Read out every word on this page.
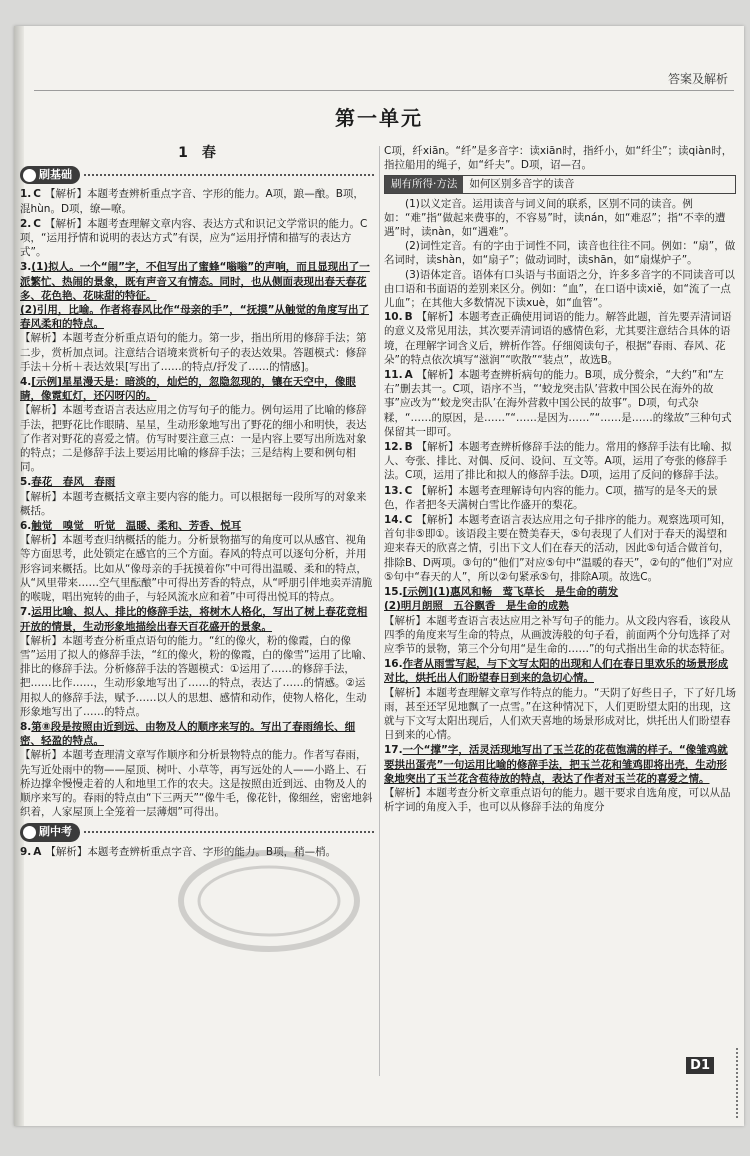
答案及解析
第一单元
1　春
刷基础
1. C 【解析】本题考查辨析重点字音、字形的能力。A项，踉—酿。B项，混hùn。D项，缭—嘹。
2. C 【解析】本题考查理解文章内容、表达方式和识记文学常识的能力。C项，“运用抒情和说明的表达方式”有误，应为“运用抒情和描写的表达方式”。
3.(1)拟人。一个“闹”字，不但写出了蜜蜂“嗡嗡”的声响，而且显现出了一派繁忙、热闹的景象，既有声音又有情态。同时，也从侧面表现出春天春花多、花色艳、花味甜的特征。
(2)引用，比喻。作者将春风比作“母亲的手”，“抚摸”从触觉的角度写出了春风柔和的特点。
【解析】本题考查分析重点语句的能力。第一步，指出所用的修辞手法；第二步，赏析加点词。注意结合语境来赏析句子的表达效果。答题模式：修辞手法＋分析＋表达效果[写出了……的特点/抒发了……的情感]。
4.[示例]星星漫天是：暗淡的，灿烂的，忽隐忽现的，镶在天空中，像眼睛，像霓虹灯，还闪呀闪的。
【解析】本题考查语言表达应用之仿写句子的能力。例句运用了比喻的修辞手法，把野花比作眼睛、星星，生动形象地写出了野花的细小和明快，表达了作者对野花的喜爱之情。仿写时要注意三点：一是内容上要写出所选对象的特点；二是修辞手法上要运用比喻的修辞手法；三是结构上要和例句相同。
5.春花　春风　春雨
【解析】本题考查概括文章主要内容的能力。可以根据每一段所写的对象来概括。
6.触觉　嗅觉　听觉　温暖、柔和、芳香、悦耳
【解析】本题考查归纳概括的能力。分析景物描写的角度可以从感官、视角等方面思考，此处锁定在感官的三个方面。春风的特点可以逐句分析，并用形容词来概括。比如从“像母亲的手抚摸着你”中可得出温暖、柔和的特点，从“风里带来……空气里酝酿”中可得出芳香的特点，从“呼朋引伴地卖弄清脆的喉咙，唱出宛转的曲子，与轻风流水应和着”中可得出悦耳的特点。
7.运用比喻、拟人、排比的修辞手法，将树木人格化，写出了树上春花竞相开放的情景，生动形象地描绘出春天百花盛开的景象。
【解析】本题考查分析重点语句的能力。“红的像火，粉的像霞，白的像雪”运用了拟人的修辞手法，“红的像火，粉的像霞，白的像雪”运用了比喻、排比的修辞手法。分析修辞手法的答题模式：①运用了……的修辞手法，把……比作……，生动形象地写出了……的特点，表达了……的情感。②运用拟人的修辞手法，赋予……以人的思想、感情和动作，使物人格化，生动形象地写出了……的特点。
8.第⑧段是按照由近到远、由物及人的顺序来写的。写出了春雨绵长、细密、轻盈的特点。
【解析】本题考查理清文章写作顺序和分析景物特点的能力。作者写春雨，先写近处雨中的物——屋顶、树叶、小草等，再写远处的人——小路上、石桥边撑伞慢慢走着的人和地里工作的农夫。这是按照由近到远、由物及人的顺序来写的。春雨的特点由“下三两天”“像牛毛，像花针，像细丝，密密地斜织着，人家屋顶上全笼着一层薄烟”可得出。
刷中考
9. A 【解析】本题考查辨析重点字音、字形的能力。B项，稍—梢。
C项，纤xiān。“纤”是多音字：读xiān时，指纤小，如“纤尘”；读qiàn时，指拉船用的绳子，如“纤夫”。D项，诏—召。
刷有所得·方法	如何区别多音字的读音
(1)以义定音。运用读音与词义间的联系，区别不同的读音。例如：“难”指“做起来费事的，不容易”时，读nán，如“难忍”；指“不幸的遭遇”时，读nàn，如“遇难”。
(2)词性定音。有的字由于词性不同，读音也往往不同。例如：“扇”，做名词时，读shàn，如“扇子”；做动词时，读shān，如“扇煤炉子”。
(3)语体定音。语体有口头语与书面语之分，许多多音字的不同读音可以由口语和书面语的差别来区分。例如：“血”，在口语中读xiě，如“流了一点儿血”；在其他大多数情况下读xuè，如“血管”。
10. B 【解析】本题考查正确使用词语的能力。解答此题，首先要弄清词语的意义及常见用法，其次要弄清词语的感情色彩，尤其要注意结合具体的语境，在理解字词含义后，辨析作答。仔细阅读句子，根据“春雨、春风、花朵”的特点依次填写“滋润”“吹散”“装点”，故选B。
11. A 【解析】本题考查辨析病句的能力。B项，成分赘余，“大约”和“左右”删去其一。C项，语序不当，“‘蛟龙突击队’营救中国公民在海外的故事”应改为“‘蛟龙突击队’在海外营救中国公民的故事”。D项，句式杂糅，“……的原因，是……”“……是因为……”“……是……的缘故”三种句式保留其一即可。
12. B 【解析】本题考查辨析修辞手法的能力。常用的修辞手法有比喻、拟人、夸张、排比、对偶、反问、设问、互文等。A项，运用了夸张的修辞手法。C项，运用了排比和拟人的修辞手法。D项，运用了反问的修辞手法。
13. C 【解析】本题考查理解诗句内容的能力。C项，描写的是冬天的景色，作者把冬天满树白雪比作盛开的梨花。
14. C 【解析】本题考查语言表达应用之句子排序的能力。观察选项可知，首句非⑤即①。该语段主要在赞美春天，⑤句表现了人们对于春天的渴望和迎来春天的欣喜之情，引出下文人们在春天的活动，因此⑤句适合做首句，排除B、D两项。③句的“他们”对应⑤句中“温暖的春天”，②句的“他们”对应⑤句中“春天的人”，所以②句紧承⑤句，排除A项。故选C。
15.[示例](1)惠风和畅　莺飞草长　是生命的萌发
(2)明月朗照　五谷飘香　是生命的成熟
【解析】本题考查语言表达应用之补写句子的能力。从文段内容看，该段从四季的角度来写生命的特点，从画波涛般的句子看，前面两个分句选择了对应季节的景物，第三个分句用“是生命的……”的句式指出生命的状态特征。
16.作者从雨雪写起，与下文写太阳的出现和人们在春日里欢乐的场景形成对比，烘托出人们盼望春日到来的急切心情。
【解析】本题考查理解文章写作特点的能力。“天阴了好些日子，下了好几场雨，甚至还罕见地飘了一点雪。”在这种情况下，人们更盼望太阳的出现，这就与下文写太阳出现后，人们欢天喜地的场景形成对比，烘托出人们盼望春日到来的心情。
17.一个“撑”字，活灵活现地写出了玉兰花的花苞饱满的样子。“像雏鸡就要拱出蛋壳”一句运用比喻的修辞手法，把玉兰花和雏鸡即将出壳，生动形象地突出了玉兰花含苞待放的特点，表达了作者对玉兰花的喜爱之情。
【解析】本题考查分析文章重点语句的能力。题干要求自选角度，可以从品析字词的角度入手，也可以从修辞手法的角度分
D1
